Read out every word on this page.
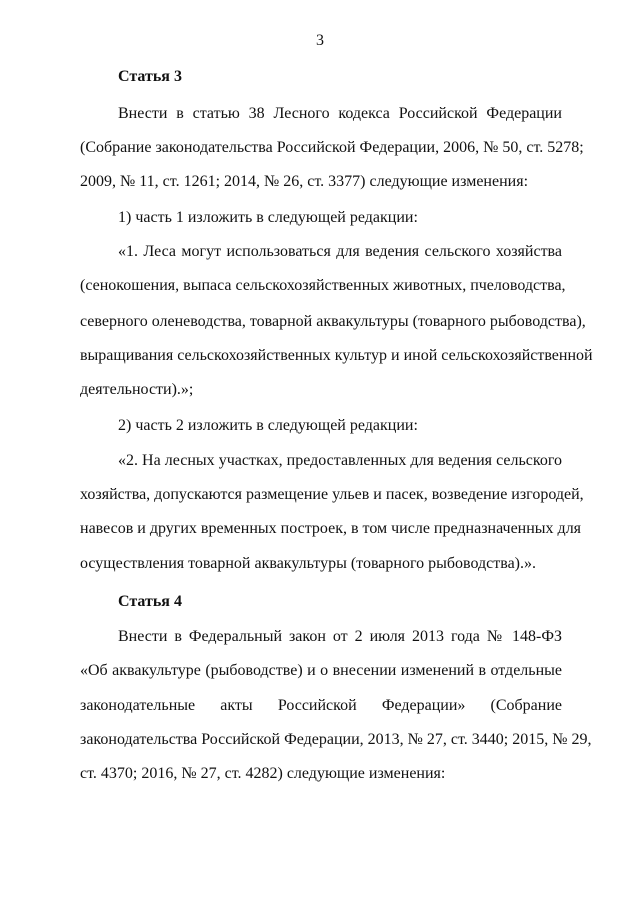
3

Статья 3

Внести в статью 38 Лесного кодекса Российской Федерации

(Собрание законодательства Российской Федерации, 2006, № 50, ст. 5278;

2009, № 11, ст. 1261; 2014, № 26, ст. 3377) следующие изменения:

1) часть 1 изложить в следующей редакции:

«1. Леса могут использоваться для ведения сельского хозяйства

(сенокошения, выпаса сельскохозяйственных животных, пчеловодства,

северного оленеводства, товарной аквакультуры (товарного рыбоводства),

выращивания сельскохозяйственных культур и иной сельскохозяйственной

деятельности).»;

2) часть 2 изложить в следующей редакции:

«2. На лесных участках, предоставленных для ведения сельского

хозяйства, допускаются размещение ульев и пасек, возведение изгородей,

навесов и других временных построек, в том числе предназначенных для

осуществления товарной аквакультуры (товарного рыбоводства).».

Статья 4

Внести в Федеральный закон от 2 июля 2013 года № 148-ФЗ

«Об аквакультуре (рыбоводстве) и о внесении изменений в отдельные

законодательные акты Российской Федерации» (Собрание

законодательства Российской Федерации, 2013, № 27, ст. 3440; 2015, № 29,

ст. 4370; 2016, № 27, ст. 4282) следующие изменения:
